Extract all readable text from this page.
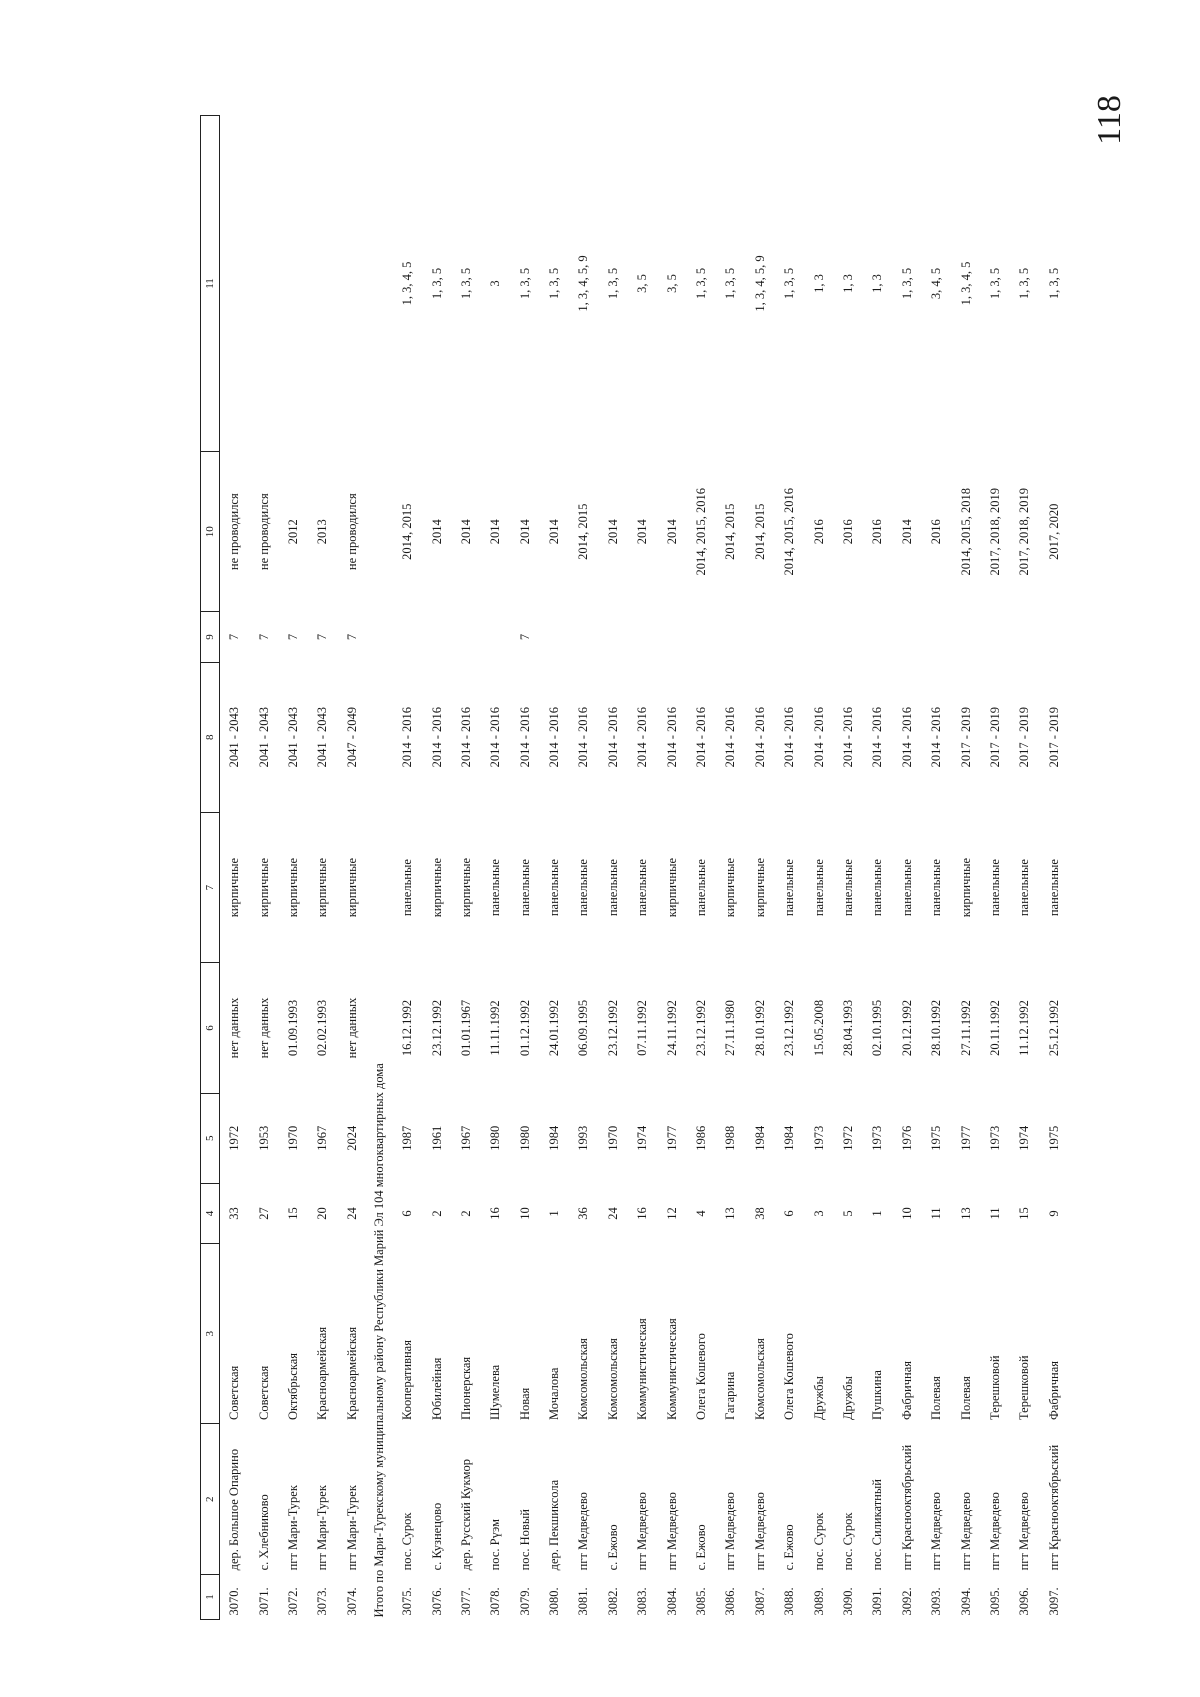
118
1	2	3	4	5	6	7	8	9	10	11
3070.	дер. Большое Опарино	Советская	33	1972	нет данных	кирпичные	2041 - 2043	7	не проводился	
3071.	с. Хлебниково	Советская	27	1953	нет данных	кирпичные	2041 - 2043	7	не проводился	
3072.	пгт Мари-Турек	Октябрьская	15	1970	01.09.1993	кирпичные	2041 - 2043	7	2012	
3073.	пгт Мари-Турек	Красноармейская	20	1967	02.02.1993	кирпичные	2041 - 2043	7	2013	
3074.	пгт Мари-Турек	Красноармейская	24	2024	нет данных	кирпичные	2047 - 2049	7	не проводился	
Итого по Мари-Турекскому муниципальному району Республики Марий Эл 104 многоквартирных дома										
3075.	пос. Сурок	Кооперативная	6	1987	16.12.1992	панельные	2014 - 2016		2014, 2015	1, 3, 4, 5
3076.	с. Кузнецово	Юбилейная	2	1961	23.12.1992	кирпичные	2014 - 2016		2014	1, 3, 5
3077.	дер. Русский Кукмор	Пионерская	2	1967	01.01.1967	кирпичные	2014 - 2016		2014	1, 3, 5
3078.	пос. Рүэм	Шумелева	16	1980	11.11.1992	панельные	2014 - 2016		2014	3
3079.	пос. Новый	Новая	10	1980	01.12.1992	панельные	2014 - 2016	7	2014	1, 3, 5
3080.	дер. Пекшиксола	Мочалова	1	1984	24.01.1992	панельные	2014 - 2016		2014	1, 3, 5
3081.	пгт Медведево	Комсомольская	36	1993	06.09.1995	панельные	2014 - 2016		2014, 2015	1, 3, 4, 5, 9
3082.	с. Ежово	Комсомольская	24	1970	23.12.1992	панельные	2014 - 2016		2014	1, 3, 5
3083.	пгт Медведево	Коммунистическая	16	1974	07.11.1992	панельные	2014 - 2016		2014	3, 5
3084.	пгт Медведево	Коммунистическая	12	1977	24.11.1992	кирпичные	2014 - 2016		2014	3, 5
3085.	с. Ежово	Олега Кошевого	4	1986	23.12.1992	панельные	2014 - 2016		2014, 2015, 2016	1, 3, 5
3086.	пгт Медведево	Гагарина	13	1988	27.11.1980	кирпичные	2014 - 2016		2014, 2015	1, 3, 5
3087.	пгт Медведево	Комсомольская	38	1984	28.10.1992	кирпичные	2014 - 2016		2014, 2015	1, 3, 4, 5, 9
3088.	с. Ежово	Олега Кошевого	6	1984	23.12.1992	панельные	2014 - 2016		2014, 2015, 2016	1, 3, 5
3089.	пос. Сурок	Дружбы	3	1973	15.05.2008	панельные	2014 - 2016		2016	1, 3
3090.	пос. Сурок	Дружбы	5	1972	28.04.1993	панельные	2014 - 2016		2016	1, 3
3091.	пос. Силикатный	Пушкина	1	1973	02.10.1995	панельные	2014 - 2016		2016	1, 3
3092.	пгт Краснооктябрьский	Фабричная	10	1976	20.12.1992	панельные	2014 - 2016		2014	1, 3, 5
3093.	пгт Медведево	Полевая	11	1975	28.10.1992	панельные	2014 - 2016		2016	3, 4, 5
3094.	пгт Медведево	Полевая	13	1977	27.11.1992	кирпичные	2017 - 2019		2014, 2015, 2018	1, 3, 4, 5
3095.	пгт Медведево	Терешковой	11	1973	20.11.1992	панельные	2017 - 2019		2017, 2018, 2019	1, 3, 5
3096.	пгт Медведево	Терешковой	15	1974	11.12.1992	панельные	2017 - 2019		2017, 2018, 2019	1, 3, 5
3097.	пгт Краснооктябрьский	Фабричная	9	1975	25.12.1992	панельные	2017 - 2019		2017, 2020	1, 3, 5
